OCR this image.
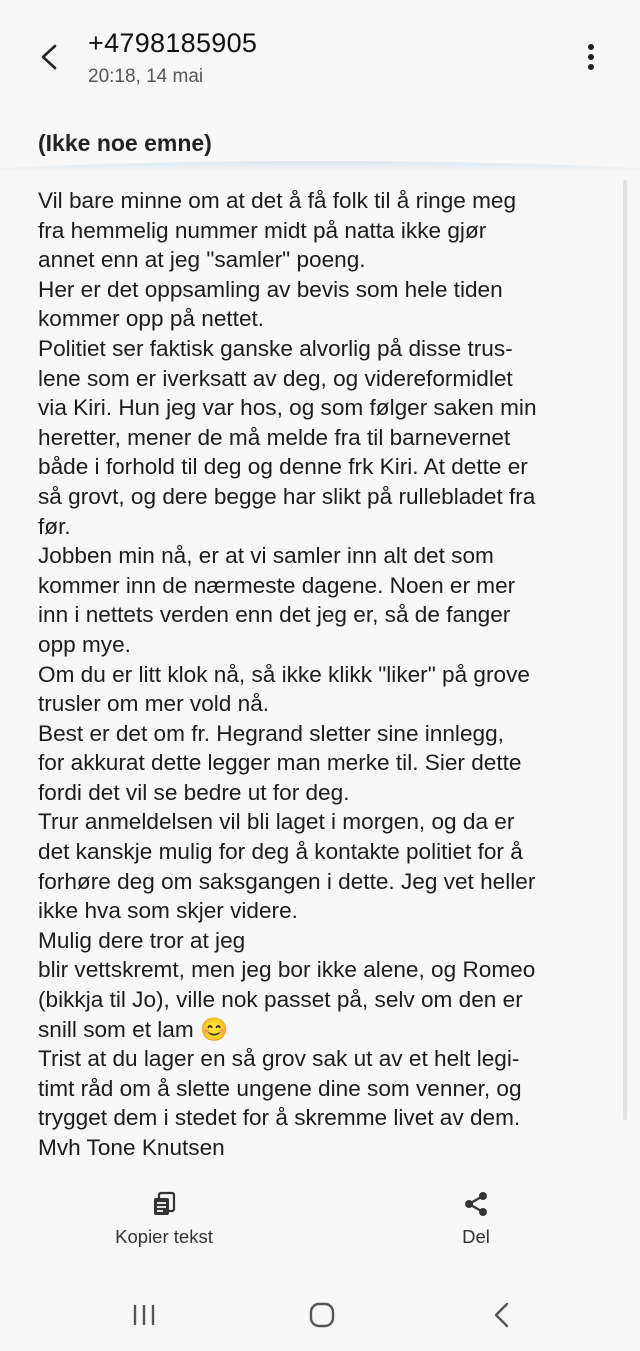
+4798185905
20:18, 14 mai
(Ikke noe emne)
Vil bare minne om at det å få folk til å ringe meg
fra hemmelig nummer midt på natta ikke gjør
annet enn at jeg "samler" poeng.
Her er det oppsamling av bevis som hele tiden
kommer opp på nettet.
Politiet ser faktisk ganske alvorlig på disse trus-
lene som er iverksatt av deg, og videreformidlet
via Kiri. Hun jeg var hos, og som følger saken min
heretter, mener de må melde fra til barnevernet
både i forhold til deg og denne frk Kiri. At dette er
så grovt, og dere begge har slikt på rullebladet fra
før.
Jobben min nå, er at vi samler inn alt det som
kommer inn de nærmeste dagene. Noen er mer
inn i nettets verden enn det jeg er, så de fanger
opp mye.
Om du er litt klok nå, så ikke klikk "liker" på grove
trusler om mer vold nå.
Best er det om fr. Hegrand sletter sine innlegg,
for akkurat dette legger man merke til. Sier dette
fordi det vil se bedre ut for deg.
Trur anmeldelsen vil bli laget i morgen, og da er
det kanskje mulig for deg å kontakte politiet for å
forhøre deg om saksgangen i dette. Jeg vet heller
ikke hva som skjer videre.
Mulig dere tror at jeg
blir vettskremt, men jeg bor ikke alene, og Romeo
(bikkja til Jo), ville nok passet på, selv om den er
snill som et lam 😊
Trist at du lager en så grov sak ut av et helt legi-
timt råd om å slette ungene dine som venner, og
trygget dem i stedet for å skremme livet av dem.
Mvh Tone Knutsen
Kopier tekst	Del
